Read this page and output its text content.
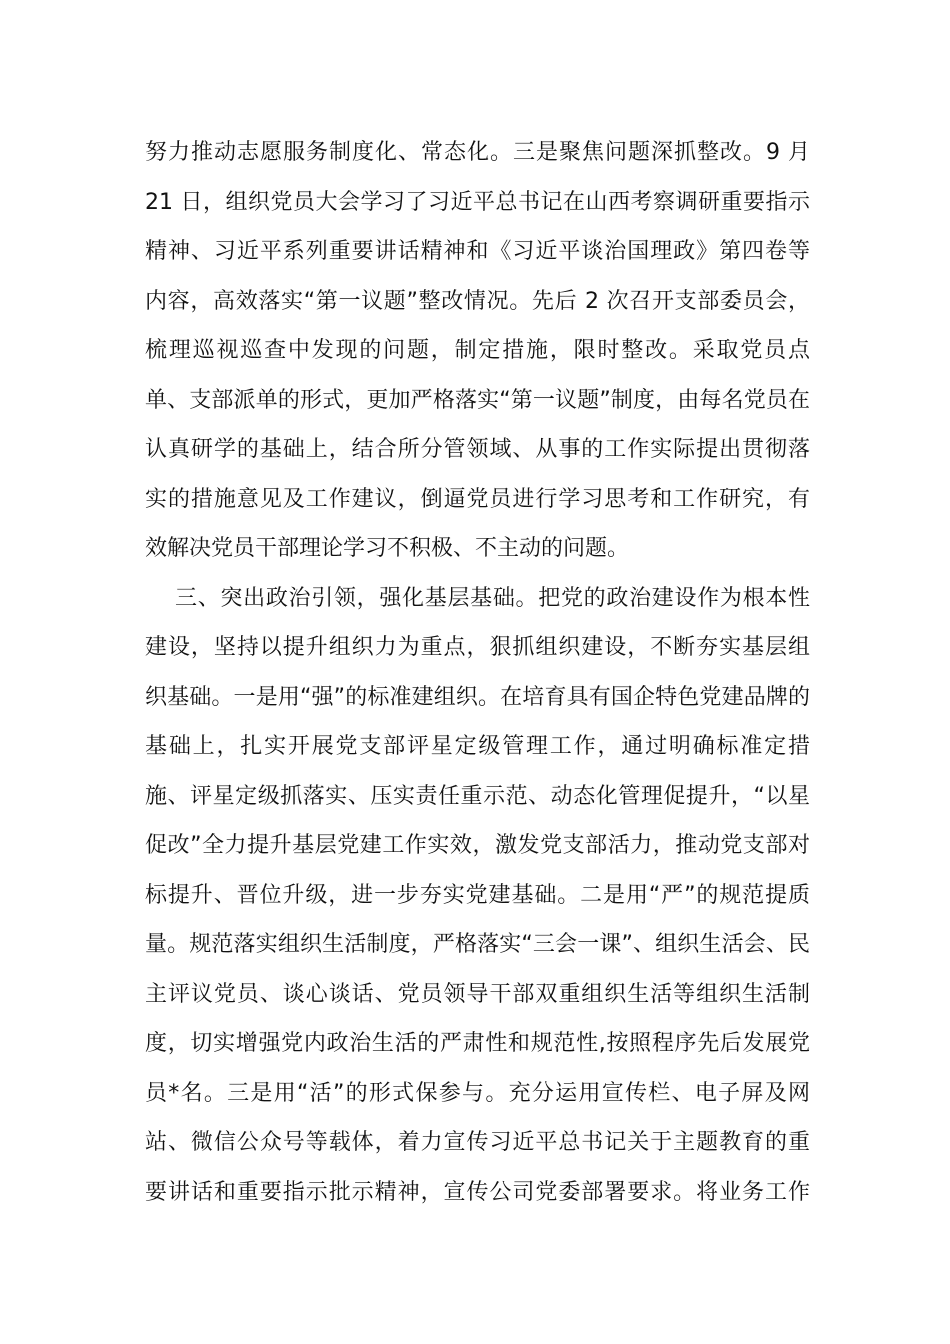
努力推动志愿服务制度化、常态化。三是聚焦问题深抓整改。9 月
21 日，组织党员大会学习了习近平总书记在山西考察调研重要指示
精神、习近平系列重要讲话精神和《习近平谈治国理政》第四卷等
内容，高效落实“第一议题”整改情况。先后 2 次召开支部委员会，
梳理巡视巡查中发现的问题，制定措施，限时整改。采取党员点
单、支部派单的形式，更加严格落实“第一议题”制度，由每名党员在
认真研学的基础上，结合所分管领域、从事的工作实际提出贯彻落
实的措施意见及工作建议，倒逼党员进行学习思考和工作研究，有
效解决党员干部理论学习不积极、不主动的问题。
三、突出政治引领，强化基层基础。把党的政治建设作为根本性
建设，坚持以提升组织力为重点，狠抓组织建设，不断夯实基层组
织基础。一是用“强”的标准建组织。在培育具有国企特色党建品牌的
基础上，扎实开展党支部评星定级管理工作，通过明确标准定措
施、评星定级抓落实、压实责任重示范、动态化管理促提升，“以星
促改”全力提升基层党建工作实效，激发党支部活力，推动党支部对
标提升、晋位升级，进一步夯实党建基础。二是用“严”的规范提质
量。规范落实组织生活制度，严格落实“三会一课”、组织生活会、民
主评议党员、谈心谈话、党员领导干部双重组织生活等组织生活制
度，切实增强党内政治生活的严肃性和规范性,按照程序先后发展党
员*名。三是用“活”的形式保参与。充分运用宣传栏、电子屏及网
站、微信公众号等载体，着力宣传习近平总书记关于主题教育的重
要讲话和重要指示批示精神，宣传公司党委部署要求。将业务工作
